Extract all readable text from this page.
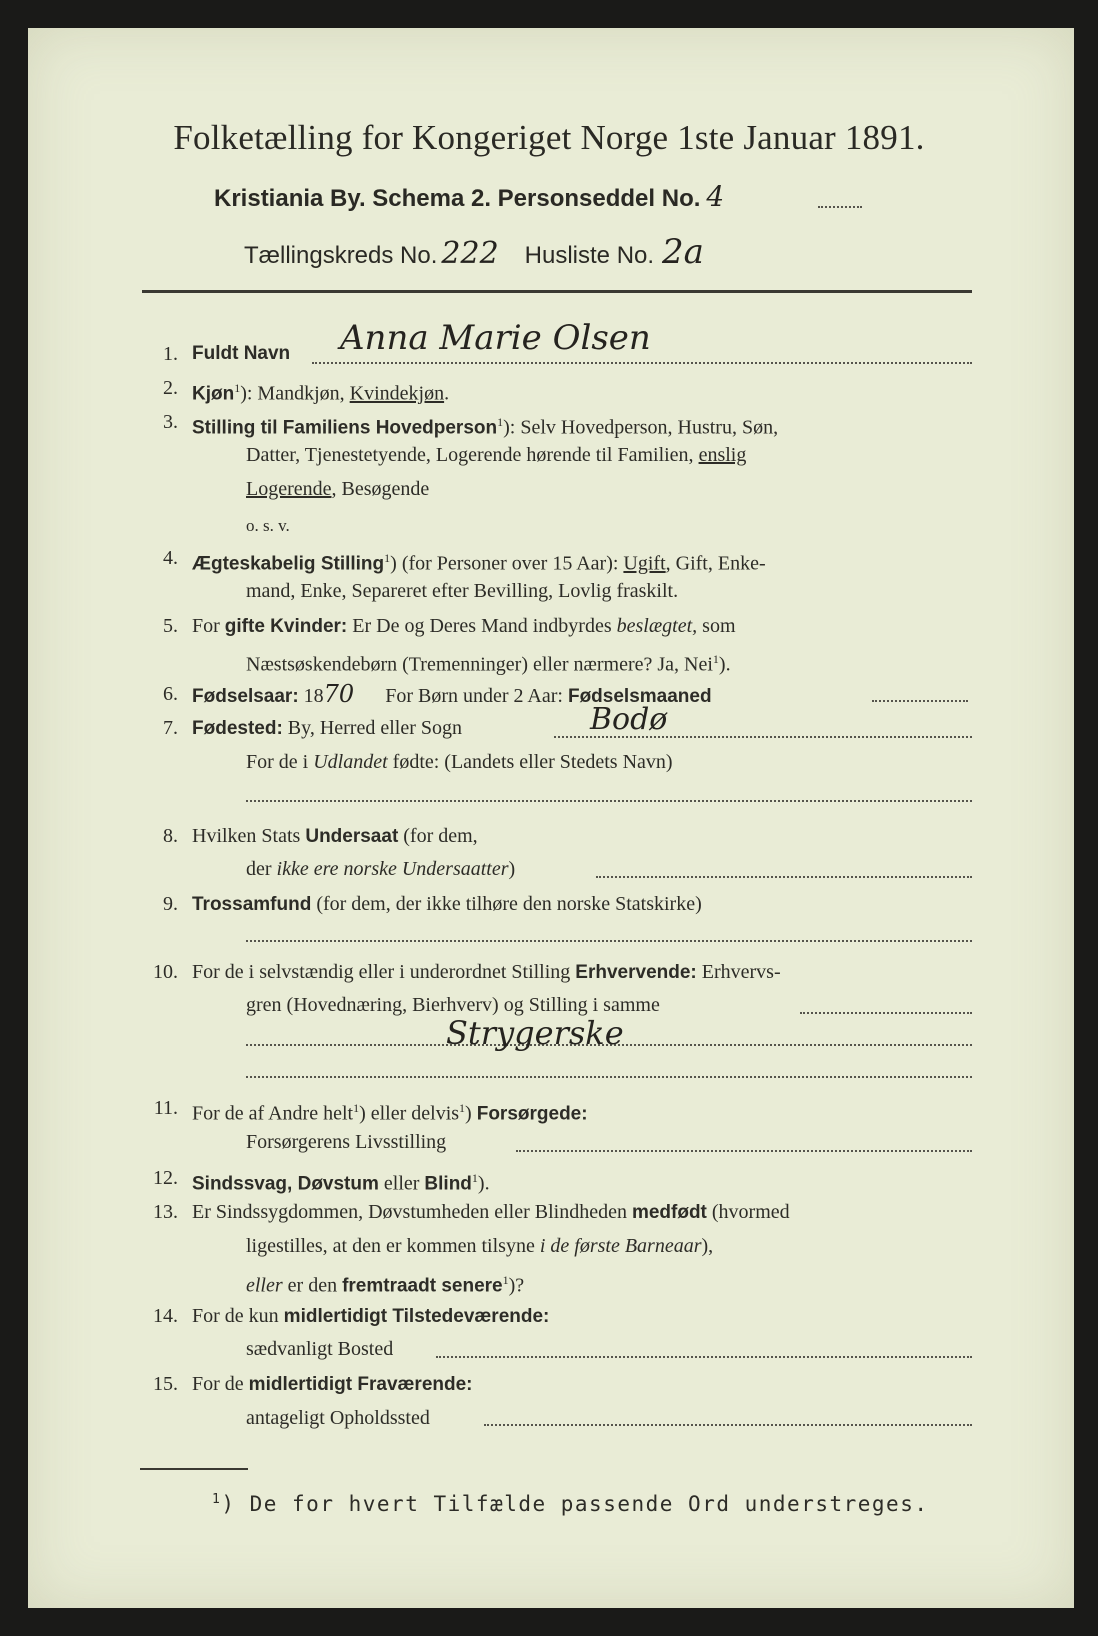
Folketælling for Kongeriget Norge 1ste Januar 1891.
Kristiania By. Schema 2. Personseddel No. 4
Tællingskreds No. 222 Husliste No. 2a
1. Fuldt Navn Anna Marie Olsen
2. Kjøn$^1$): Mandkjøn, Kvindekjøn.
3. Stilling til Familiens Hovedperson$^1$): Selv Hovedperson, Hustru, Søn,
Datter, Tjenestetyende, Logerende hørende til Familien, enslig
Logerende, Besøgende
o. s. v.
4. Ægteskabelig Stilling$^1$) (for Personer over 15 Aar): Ugift, Gift, Enke-
mand, Enke, Separeret efter Bevilling, Lovlig fraskilt.
5. For gifte Kvinder: Er De og Deres Mand indbyrdes beslægtet, som
Næstsøskendebørn (Tremenninger) eller nærmere? Ja, Nei$^1$).
6. Fødselsaar: 1870 For Børn under 2 Aar: Fødselsmaaned
7. Fødested: By, Herred eller Sogn	Bodø
For de i Udlandet fødte: (Landets eller Stedets Navn)
8. Hvilken Stats Undersaat (for dem,
der ikke ere norske Undersaatter)
9. Trossamfund (for dem, der ikke tilhøre den norske Statskirke)
10. For de i selvstændig eller i underordnet Stilling Erhvervende: Erhvervs-
gren (Hovednæring, Bierhverv) og Stilling i samme
Strygerske
11. For de af Andre helt$^1$) eller delvis$^1$) Forsørgede:
Forsørgerens Livsstilling
12. Sindssvag, Døvstum eller Blind$^1$).
13. Er Sindssygdommen, Døvstumheden eller Blindheden medfødt (hvormed
ligestilles, at den er kommen tilsyne i de første Barneaar),
eller er den fremtraadt senere$^1$)?
14. For de kun midlertidigt Tilstedeværende:
sædvanligt Bosted
15. For de midlertidigt Fraværende:
antageligt Opholdssted
$^1$) De for hvert Tilfælde passende Ord understreges.
